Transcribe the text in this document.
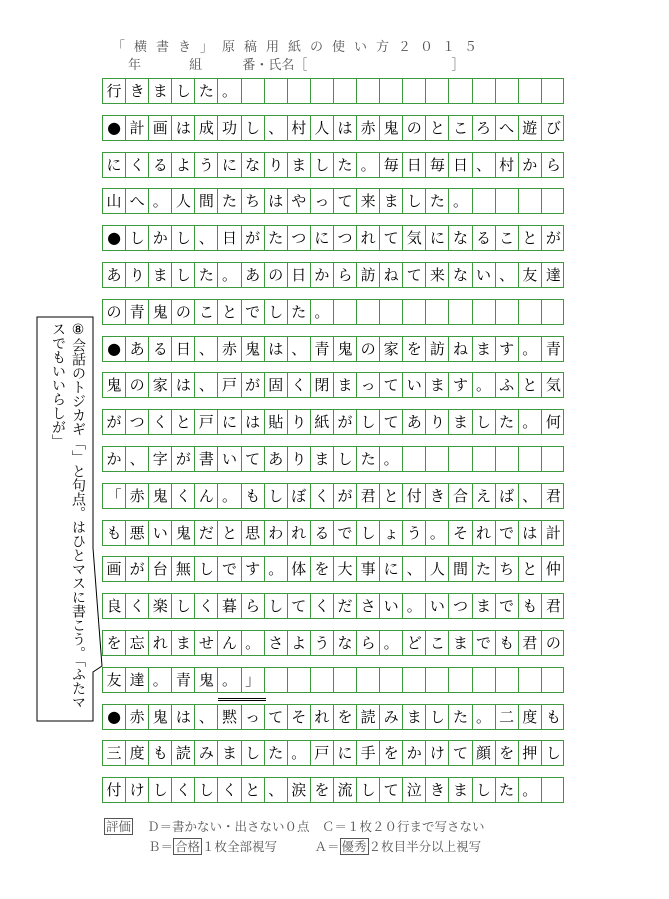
「横書き」原稿用紙の使い方２０１５
年	組	番・氏名［	］
行 き ま し た 。
● 計 画 は 成 功 し 、 村 人 は 赤 鬼 の と こ ろ へ 遊 び
に く る よ う に な り ま し た 。 毎 日 毎 日 、 村 か ら
山 へ 。 人 間 た ち は や っ て 来 ま し た 。
● し か し 、 日 が た つ に つ れ て 気 に な る こ と が
あ り ま し た 。 あ の 日 か ら 訪 ね て 来 な い 、 友 達
の 青 鬼 の こ と で し た 。
● あ る 日 、 赤 鬼 は 、 青 鬼 の 家 を 訪 ね ま す 。 青
鬼 の 家 は 、 戸 が 固 く 閉 ま っ て い ま す 。 ふ と 気
が つ く と 戸 に は 貼 り 紙 が し て あ り ま し た 。 何
か 、 字 が 書 い て あ り ま し た 。
「 赤 鬼 く ん 。 も し ぼ く が 君 と 付 き 合 え ば 、 君
も 悪 い 鬼 だ と 思 わ れ る で し ょ う 。 そ れ で は 計
画 が 台 無 し で す 。 体 を 大 事 に 、 人 間 た ち と 仲
良 く 楽 し く 暮 ら し て く だ さ い 。 い つ ま で も 君
を 忘 れ ま せ ん 。 さ よ う な ら 。 ど こ ま で も 君 の
友 達 。 青 鬼 。 」
● 赤 鬼 は 、 黙 っ て そ れ を 読 み ま し た 。 二 度 も
三 度 も 読 み ま し た 。 戸 に 手 を か け て 顔 を 押 し
付 け し く し く と 、 涙 を 流 し て 泣 き ま し た 。
⑧会話のトジカギ「」と句点。はひとマスに書こう。「ふたマスでもいいらしが」
評価 Ｄ＝書かない・出さない０点　Ｃ＝１枚２０行まで写さない
Ｂ＝ 合格 １枚全部視写　　　Ａ＝ 優秀 ２枚目半分以上視写
